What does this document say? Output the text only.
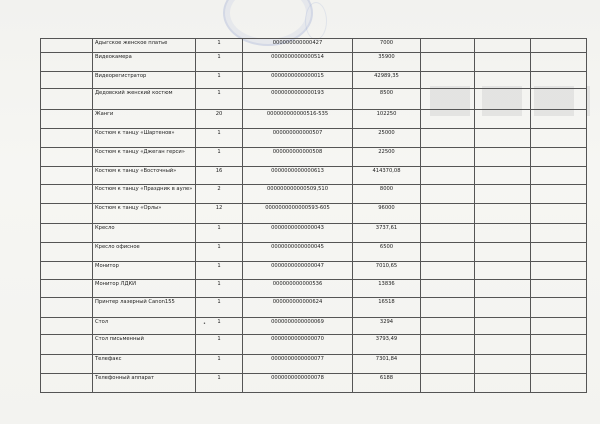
	Адыгское женское платье	1	000000000000427	7000			
	Видеокамера	1	0000000000000514	35900			
	Видеорегистратор	1	0000000000000015	42989,35			
	Дедовский женский костюм	1	0000000000000193	8500			
	Жанги	20	000000000000516-535	102250			
	Костюм к танцу «Шартенов»	1	000000000000507	25000			
	Костюм к танцу «Джеган герси»	1	000000000000508	22500			
	Костюм к танцу «Восточный»	16	0000000000000613	414370,08			
	Костюм к танцу «Праздник в ауле»	2	000000000000509,510	8000			
	Костюм к танцу «Орлы»	12	0000000000000593-605	96000			
	Кресло	1	0000000000000043	3737,61			
	Кресло офисное	1	0000000000000045	6500			
	Монитор	1	0000000000000047	7010,65			
	Монитор ЛДКИ	1	000000000000536	13836			
	Принтер лазерный Canon155	1	000000000000624	16518			
	Стол	1	0000000000000069	3294			
	Стол письменный	1	0000000000000070	3793,49			
	Телефакс	1	0000000000000077	7301,84			
	Телефонный аппарат	1	0000000000000078	6188			
•
